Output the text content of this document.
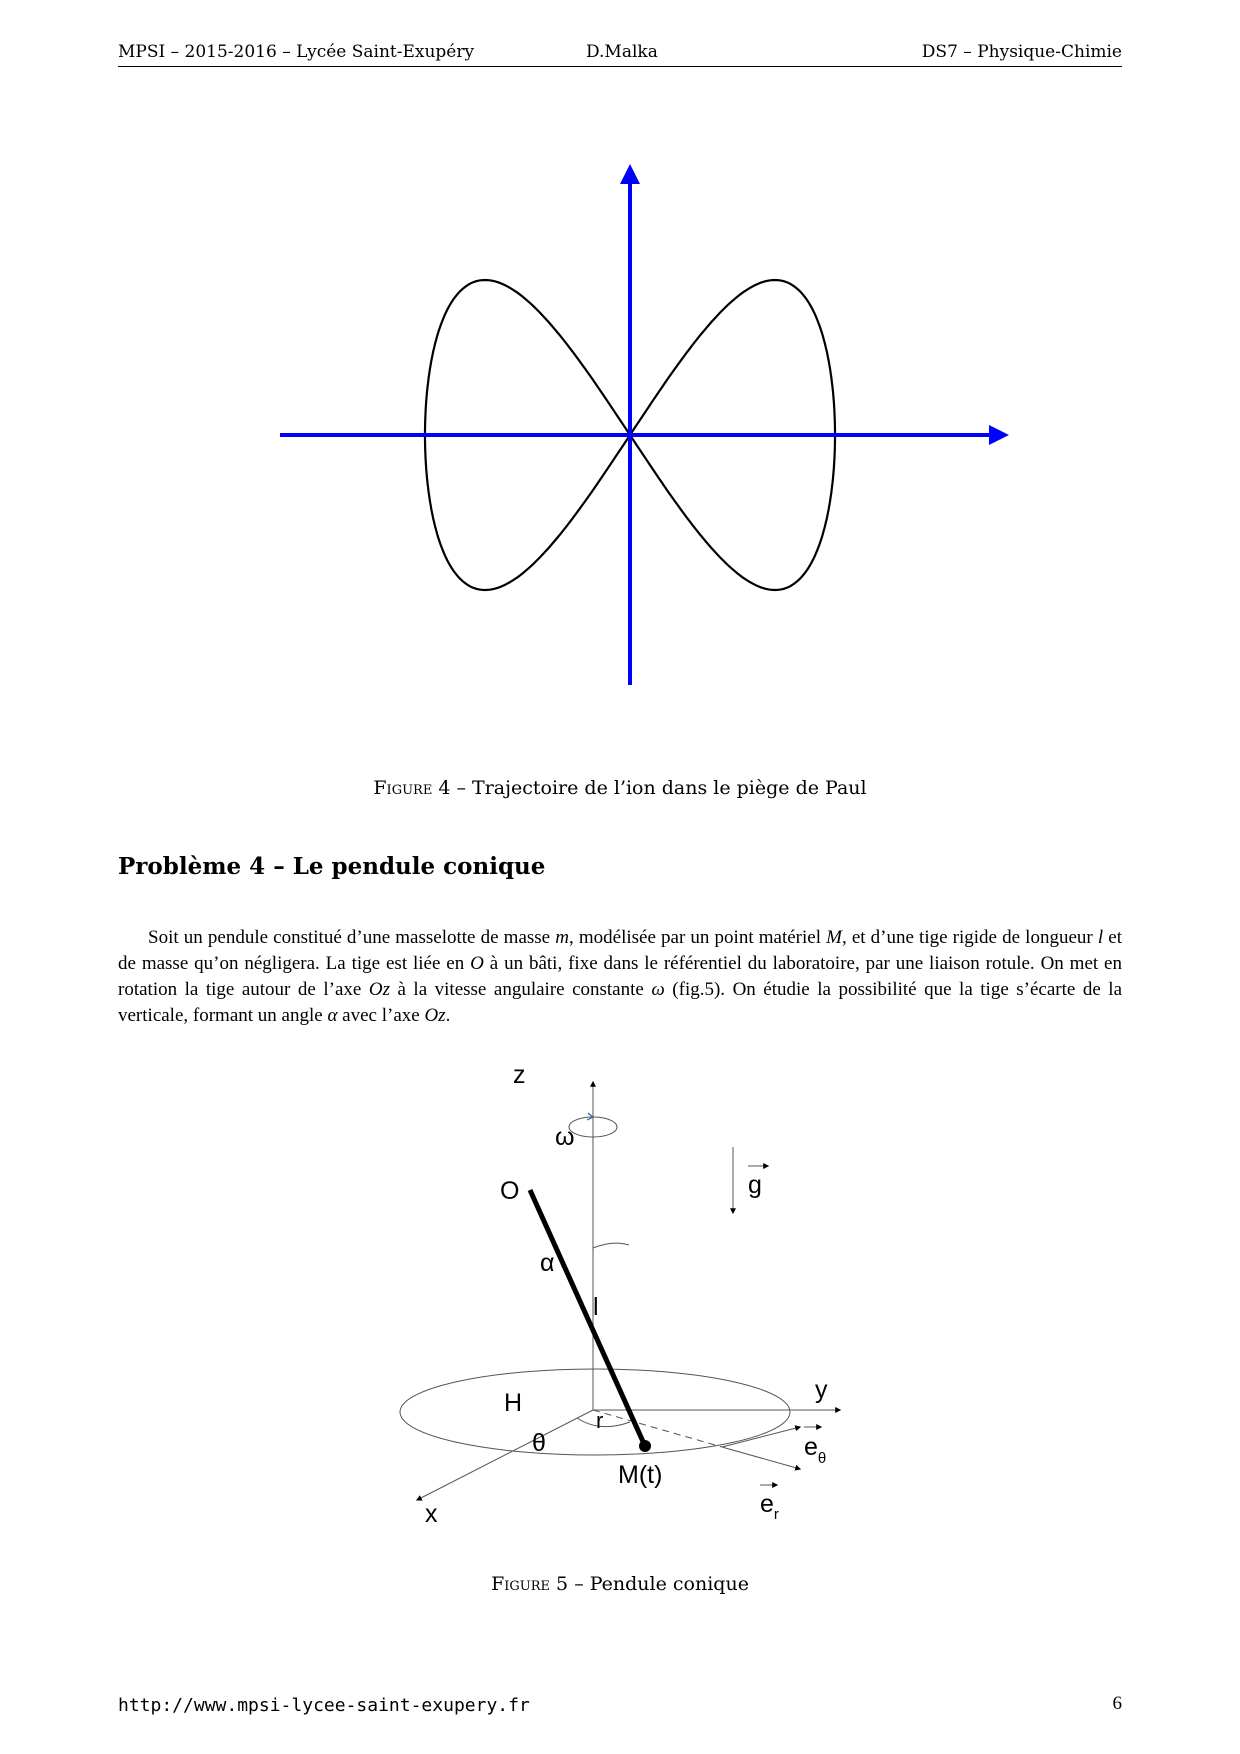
MPSI – 2015-2016 – Lycée Saint-Exupéry	D.Malka	DS7 – Physique-Chimie
Figure 4 – Trajectoire de l’ion dans le piège de Paul
Problème 4 – Le pendule conique
Soit un pendule constitué d’une masselotte de masse m, modélisée par un point matériel M, et d’une tige rigide de longueur l et de masse qu’on négligera. La tige est liée en O à un bâti, fixe dans le référentiel du laboratoire, par une liaison rotule. On met en rotation la tige autour de l’axe Oz à la vitesse angulaire constante ω (fig.5). On étudie la possibilité que la tige s’écarte de la verticale, formant un angle α avec l’axe Oz.
z
ω
O	g
α
l
H	y
θ
r
$e_\theta$
M(t)
$e_r$
x
Figure 5 – Pendule conique
http://www.mpsi-lycee-saint-exupery.fr	6
